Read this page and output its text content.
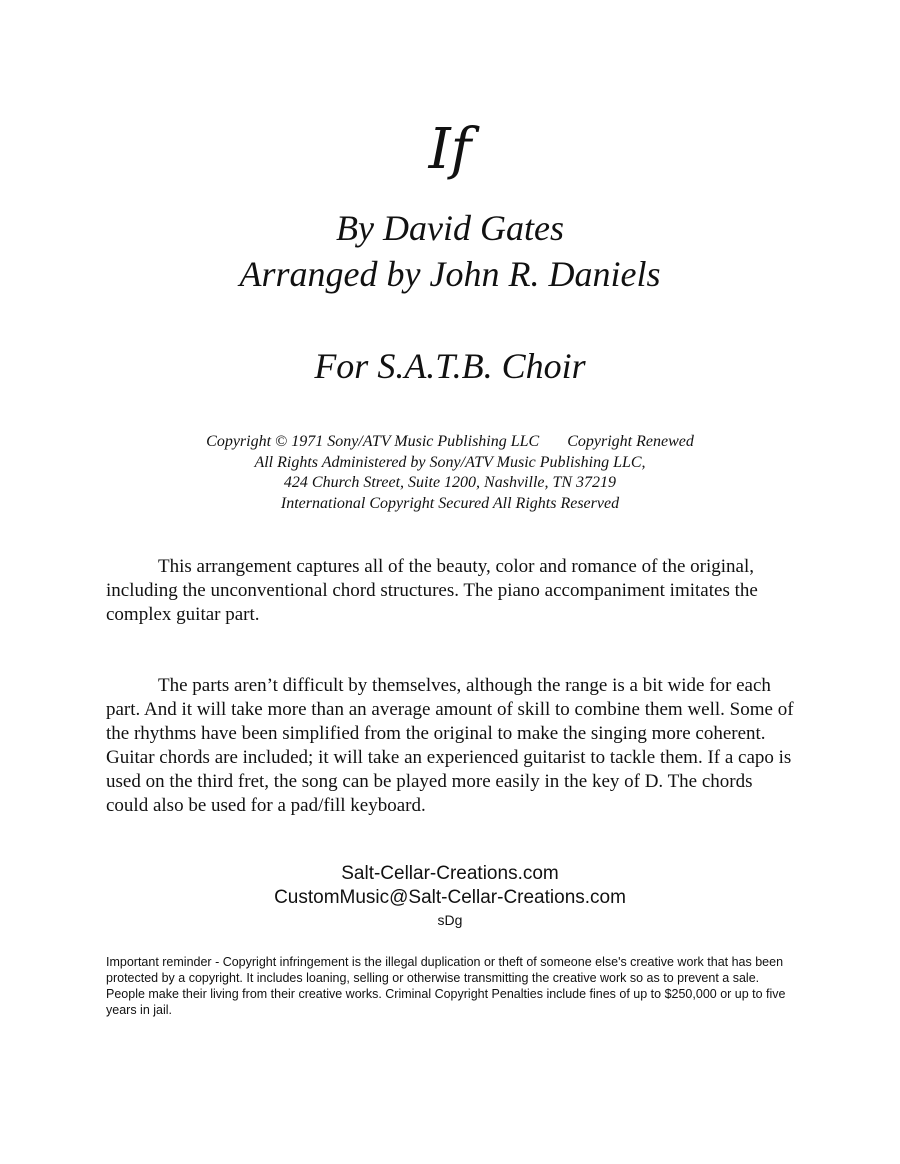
If
By David Gates
Arranged by John R. Daniels
For S.A.T.B. Choir
Copyright © 1971 Sony/ATV Music Publishing LLC       Copyright Renewed
All Rights Administered by Sony/ATV Music Publishing LLC,
424 Church Street, Suite 1200, Nashville, TN 37219
International Copyright Secured All Rights Reserved

This arrangement captures all of the beauty, color and romance of the original, including the unconventional chord structures. The piano accompaniment imitates the complex guitar part.

The parts aren’t difficult by themselves, although the range is a bit wide for each part. And it will take more than an average amount of skill to combine them well. Some of the rhythms have been simplified from the original to make the singing more coherent. Guitar chords are included; it will take an experienced guitarist to tackle them. If a capo is used on the third fret, the song can be played more easily in the key of D. The chords could also be used for a pad/fill keyboard.

Salt-Cellar-Creations.com
CustomMusic@Salt-Cellar-Creations.com
sDg

Important reminder - Copyright infringement is the illegal duplication or theft of someone else's creative work that has been protected by a copyright. It includes loaning, selling or otherwise transmitting the creative work so as to prevent a sale. People make their living from their creative works. Criminal Copyright Penalties include fines of up to $250,000 or up to five years in jail.
